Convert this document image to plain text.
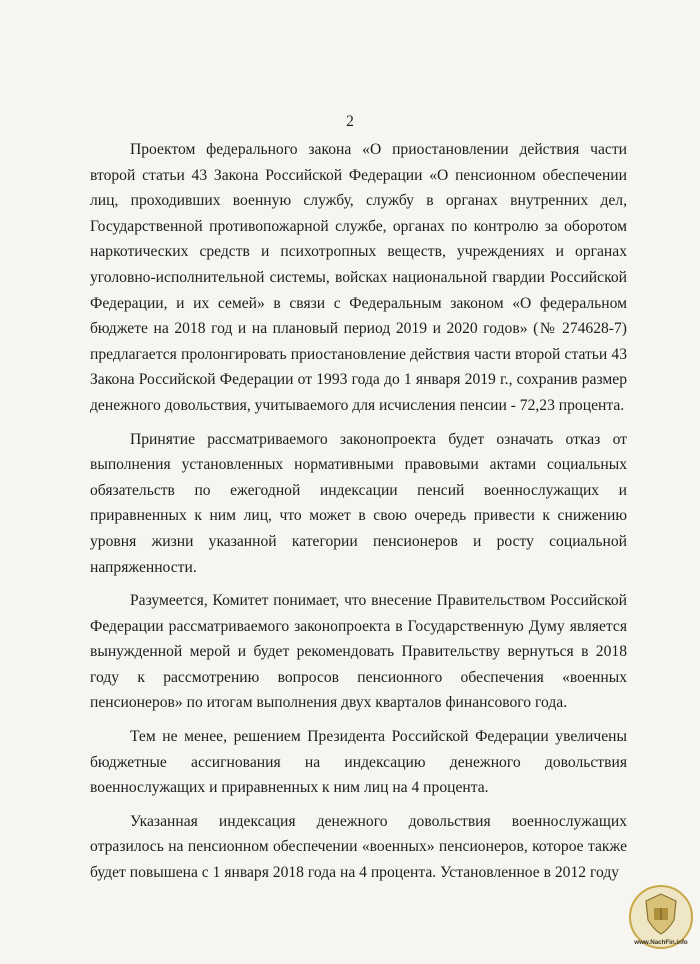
2

Проектом федерального закона «О приостановлении действия части второй статьи 43 Закона Российской Федерации «О пенсионном обеспечении лиц, проходивших военную службу, службу в органах внутренних дел, Государственной противопожарной службе, органах по контролю за оборотом наркотических средств и психотропных веществ, учреждениях и органах уголовно-исполнительной системы, войсках национальной гвардии Российской Федерации, и их семей» в связи с Федеральным законом «О федеральном бюджете на 2018 год и на плановый период 2019 и 2020 годов» (№ 274628-7) предлагается пролонгировать приостановление действия части второй статьи 43 Закона Российской Федерации от 1993 года до 1 января 2019 г., сохранив размер денежного довольствия, учитываемого для исчисления пенсии - 72,23 процента.

Принятие рассматриваемого законопроекта будет означать отказ от выполнения установленных нормативными правовыми актами социальных обязательств по ежегодной индексации пенсий военнослужащих и приравненных к ним лиц, что может в свою очередь привести к снижению уровня жизни указанной категории пенсионеров и росту социальной напряженности.

Разумеется, Комитет понимает, что внесение Правительством Российской Федерации рассматриваемого законопроекта в Государственную Думу является вынужденной мерой и будет рекомендовать Правительству вернуться в 2018 году к рассмотрению вопросов пенсионного обеспечения «военных пенсионеров» по итогам выполнения двух кварталов финансового года.

Тем не менее, решением Президента Российской Федерации увеличены бюджетные ассигнования на индексацию денежного довольствия военнослужащих и приравненных к ним лиц на 4 процента.

Указанная индексация денежного довольствия военнослужащих отразилось на пенсионном обеспечении «военных» пенсионеров, которое также будет повышена с 1 января 2018 года на 4 процента. Установленное в 2012 году

www.NachFin.info
